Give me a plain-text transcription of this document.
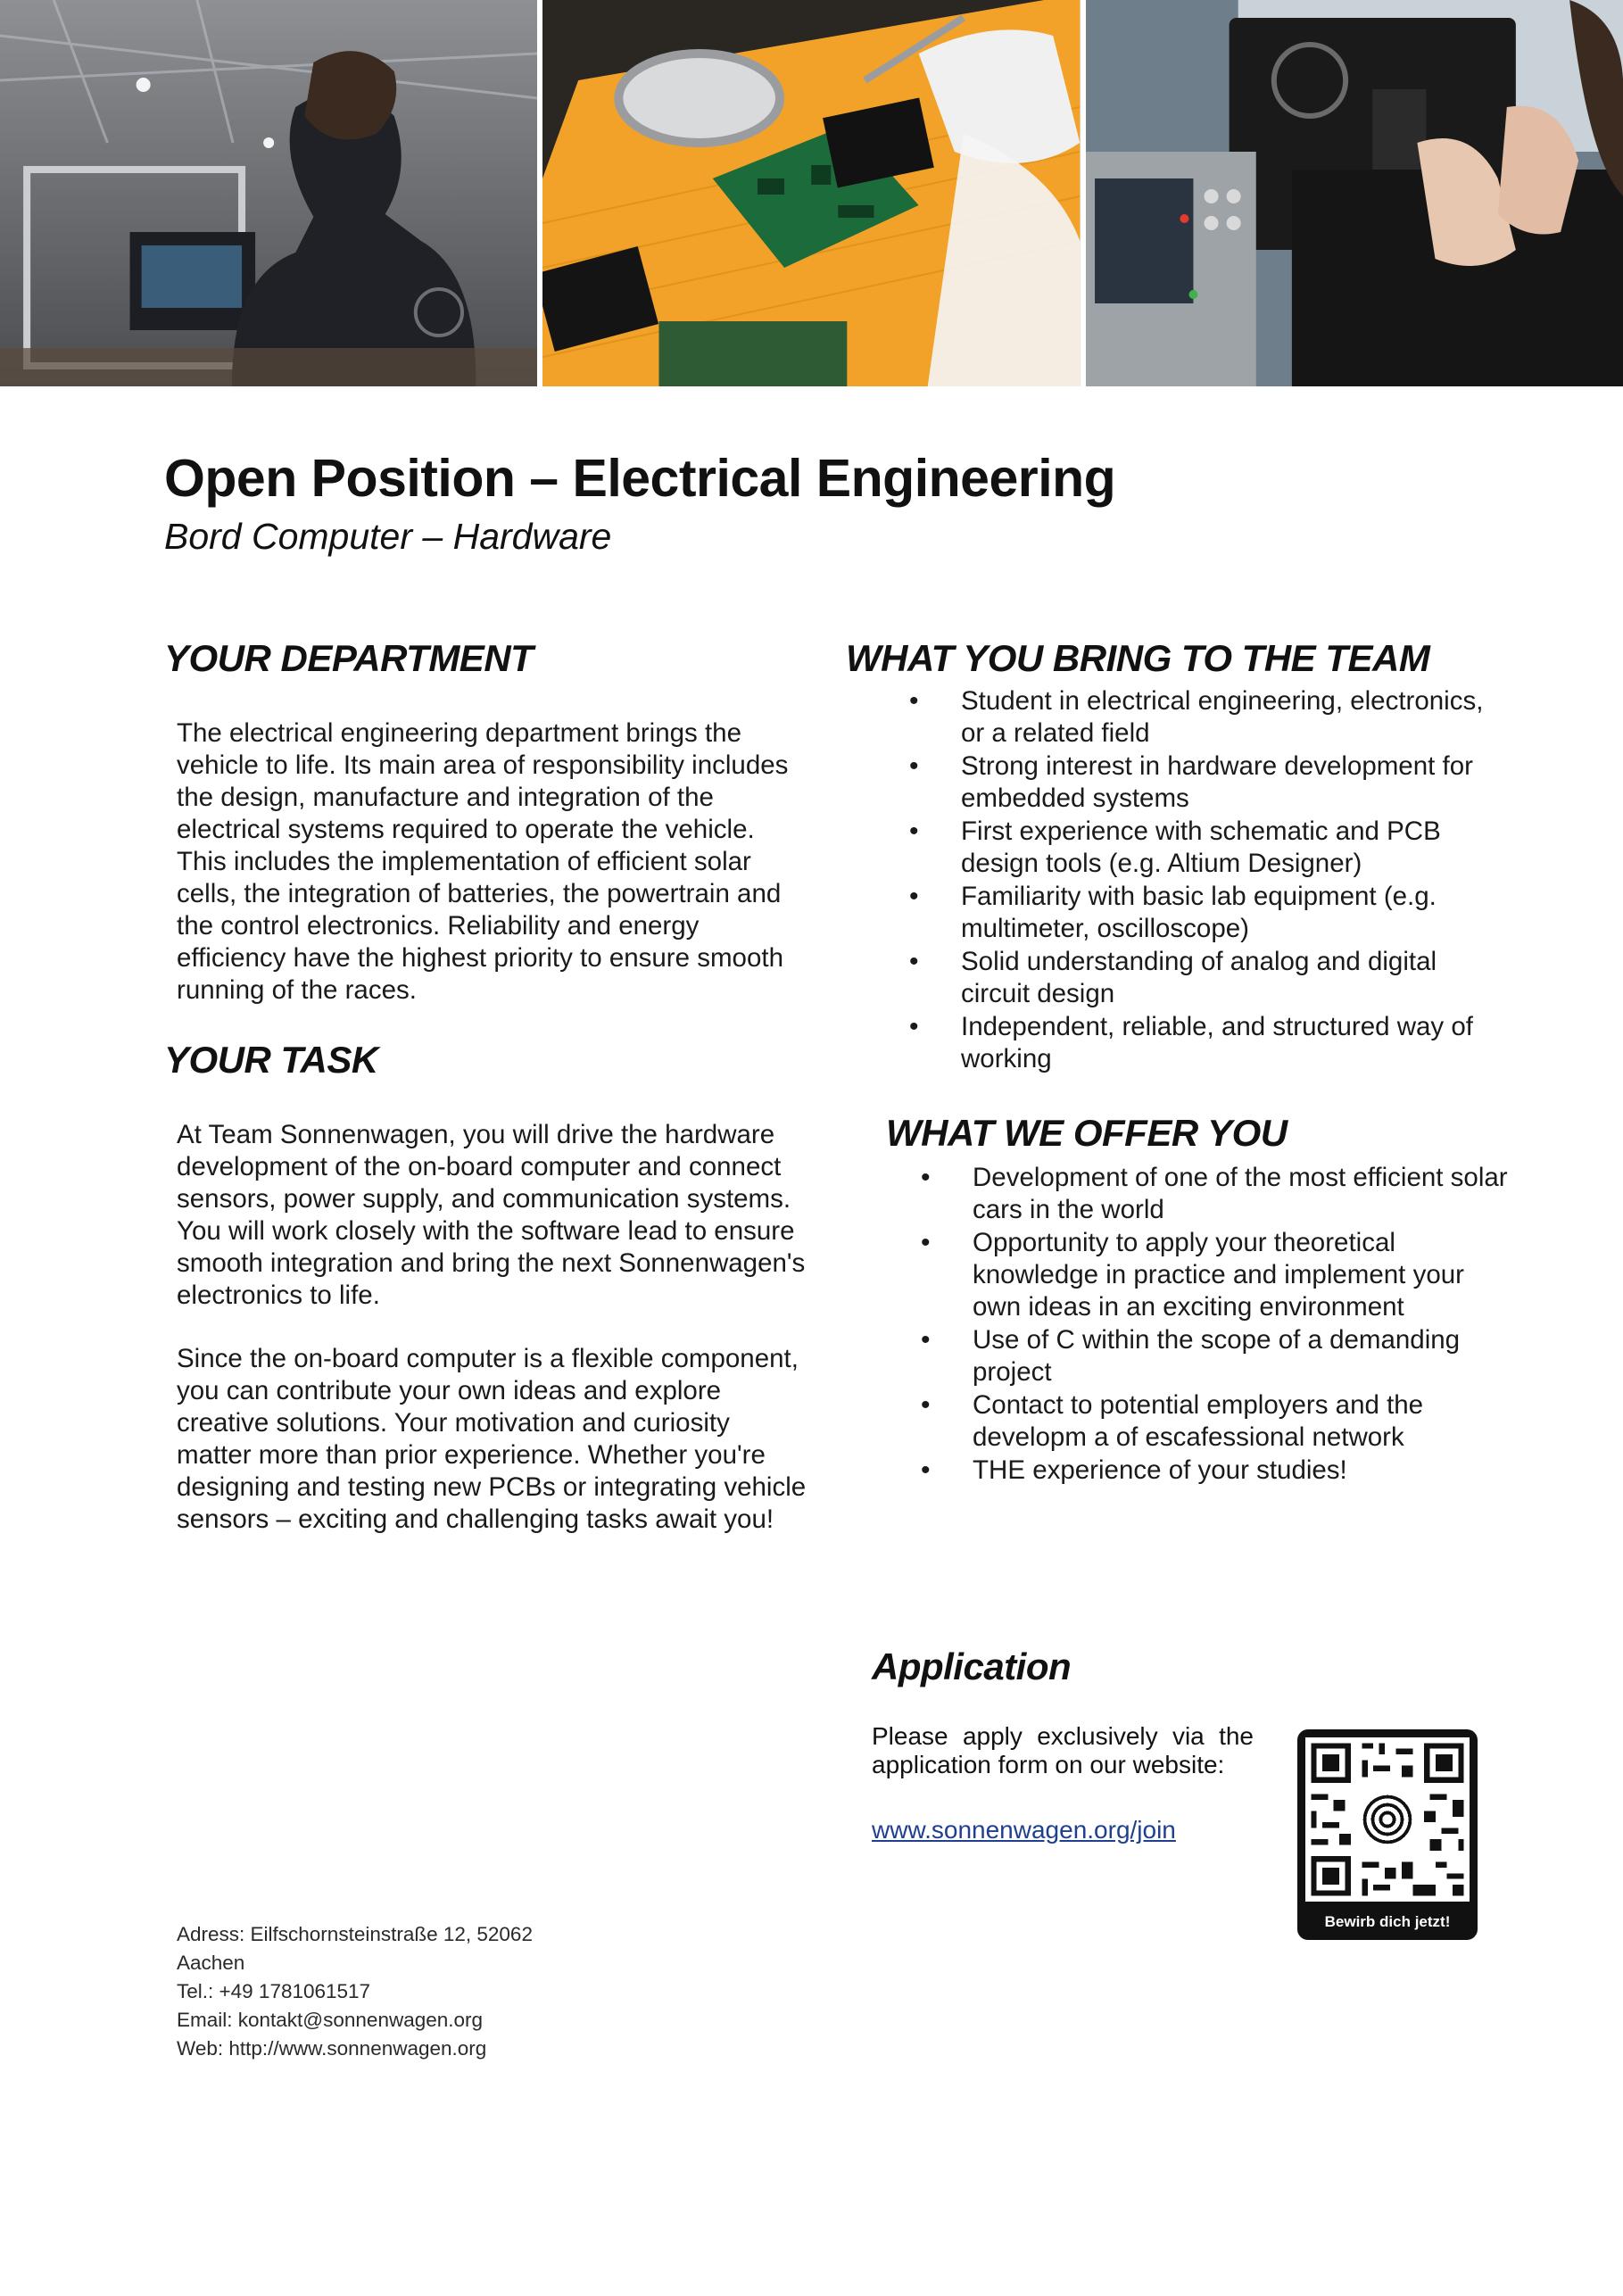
Open Position – Electrical Engineering

Bord Computer – Hardware

YOUR DEPARTMENT

The electrical engineering department brings the vehicle to life. Its main area of responsibility includes the design, manufacture and integration of the electrical systems required to operate the vehicle. This includes the implementation of efficient solar cells, the integration of batteries, the powertrain and the control electronics. Reliability and energy efficiency have the highest priority to ensure smooth running of the races.

YOUR TASK

At Team Sonnenwagen, you will drive the hardware development of the on-board computer and connect sensors, power supply, and communication systems. You will work closely with the software lead to ensure smooth integration and bring the next Sonnenwagen's electronics to life.

Since the on-board computer is a flexible component, you can contribute your own ideas and explore creative solutions. Your motivation and curiosity matter more than prior experience. Whether you're designing and testing new PCBs or integrating vehicle sensors – exciting and challenging tasks await you!

WHAT YOU BRING TO THE TEAM
• Student in electrical engineering, electronics, or a related field
• Strong interest in hardware development for embedded systems
• First experience with schematic and PCB design tools (e.g. Altium Designer)
• Familiarity with basic lab equipment (e.g. multimeter, oscilloscope)
• Solid understanding of analog and digital circuit design
• Independent, reliable, and structured way of working
WHAT WE OFFER YOU
• Development of one of the most efficient solar cars in the world
• Opportunity to apply your theoretical knowledge in practice and implement your own ideas in an exciting environment
• Use of C within the scope of a demanding project
• Contact to potential employers and the developm a of escafessional network
• THE experience of your studies!
Application

Please apply exclusively via the application form on our website:

www.sonnenwagen.org/join
Bewirb dich jetzt!
Adress: Eilfschornsteinstraße 12, 52062 Aachen
Tel.: +49 1781061517
Email: kontakt@sonnenwagen.org
Web: http://www.sonnenwagen.org
